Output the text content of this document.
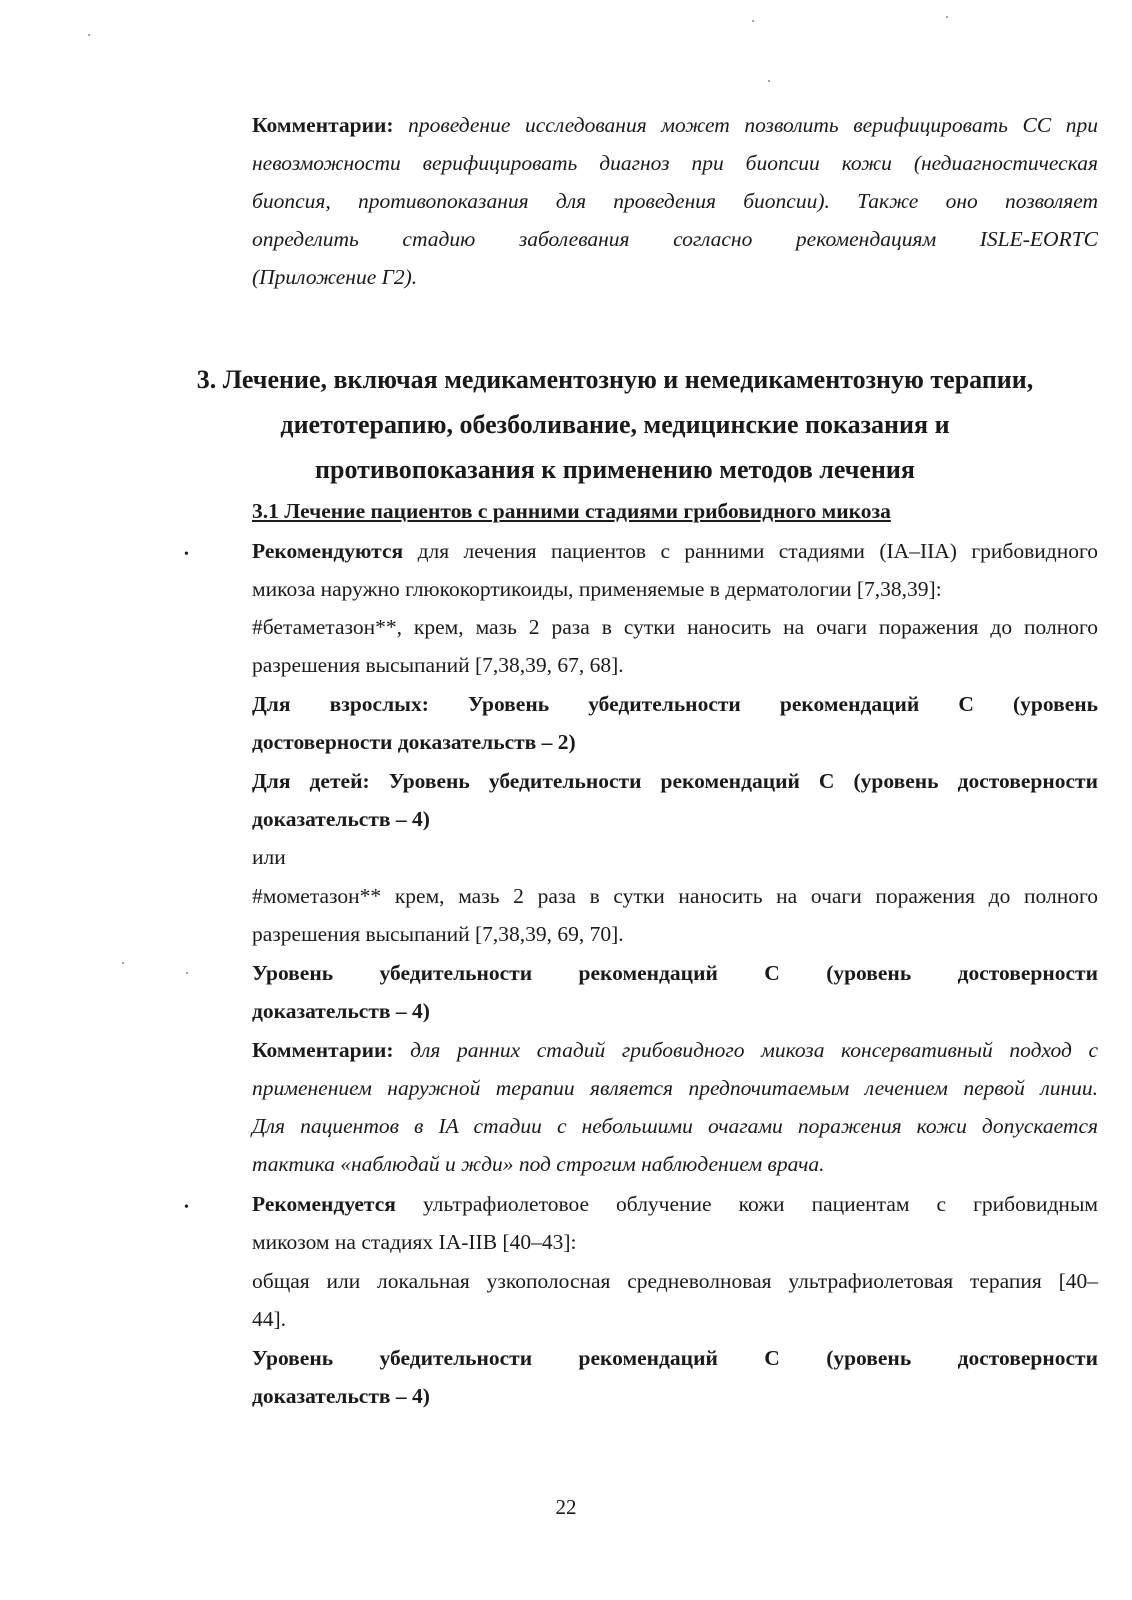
Комментарии: проведение исследования может позволить верифицировать СС при
невозможности верифицировать диагноз при биопсии кожи (недиагностическая
биопсия, противопоказания для проведения биопсии). Также оно позволяет
определить стадию заболевания согласно рекомендациям ISLE-EORTC
(Приложение Г2).
3. Лечение, включая медикаментозную и немедикаментозную терапии,
диетотерапию, обезболивание, медицинские показания и
противопоказания к применению методов лечения
3.1 Лечение пациентов с ранними стадиями грибовидного микоза
•	Рекомендуются для лечения пациентов с ранними стадиями (IA–IIA) грибовидного
микоза наружно глюкокортикоиды, применяемые в дерматологии [7,38,39]:
#бетаметазон**, крем, мазь 2 раза в сутки наносить на очаги поражения до полного
разрешения высыпаний [7,38,39, 67, 68].
Для взрослых: Уровень убедительности рекомендаций С (уровень
достоверности доказательств – 2)
Для детей: Уровень убедительности рекомендаций С (уровень достоверности
доказательств – 4)
или
#мометазон** крем, мазь 2 раза в сутки наносить на очаги поражения до полного
разрешения высыпаний [7,38,39, 69, 70].
Уровень убедительности рекомендаций С (уровень достоверности
доказательств – 4)
Комментарии: для ранних стадий грибовидного микоза консервативный подход с
применением наружной терапии является предпочитаемым лечением первой линии.
Для пациентов в IA стадии с небольшими очагами поражения кожи допускается
тактика «наблюдай и жди» под строгим наблюдением врача.
•	Рекомендуется ультрафиолетовое облучение кожи пациентам с грибовидным
микозом на стадиях IA-IIB [40–43]:
общая или локальная узкополосная средневолновая ультрафиолетовая терапия [40–
44].
Уровень убедительности рекомендаций С (уровень достоверности
доказательств – 4)
22
